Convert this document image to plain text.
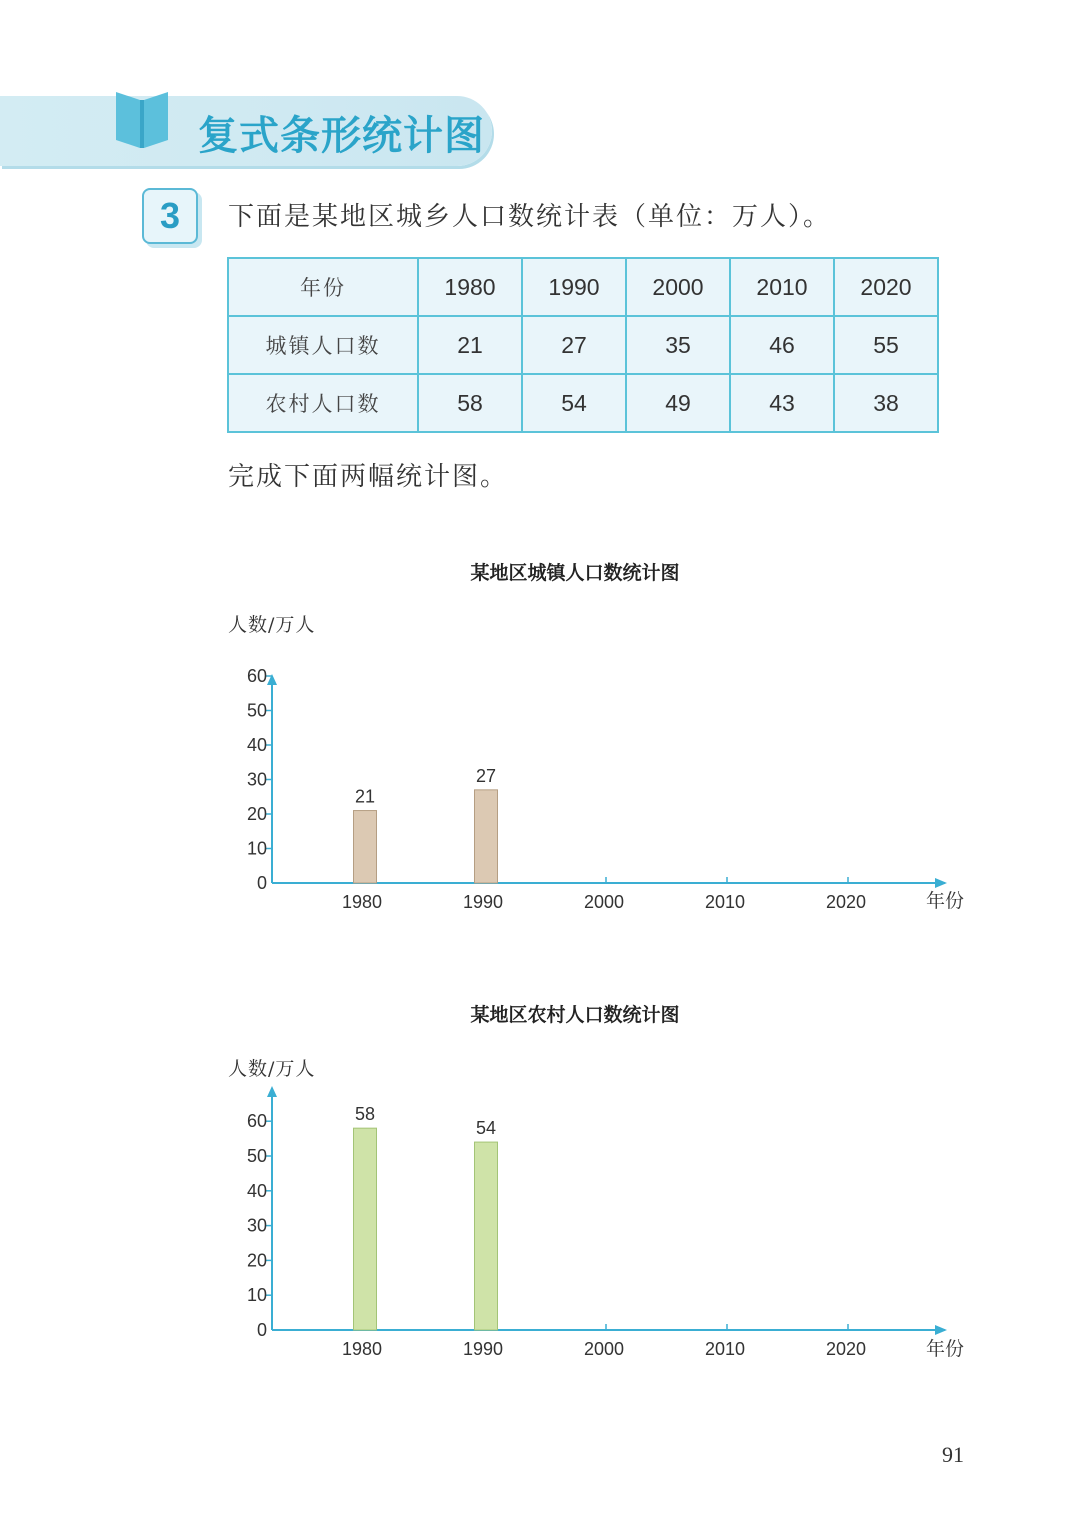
复式条形统计图
3	下面是某地区城乡人口数统计表（单位：万人）。
年份	1980	1990	2000	2010	2020
城镇人口数	21	27	35	46	55
农村人口数	58	54	49	43	38
完成下面两幅统计图。
某地区城镇人口数统计图
人数/万人
年份
0
10
20
30
40
50
60
1980
21
1990
27
2000	2010	2020
某地区农村人口数统计图
人数/万人
年份
0
10
20
30
40
50
60
1980
58
1990
54
2000	2010	2020
91
